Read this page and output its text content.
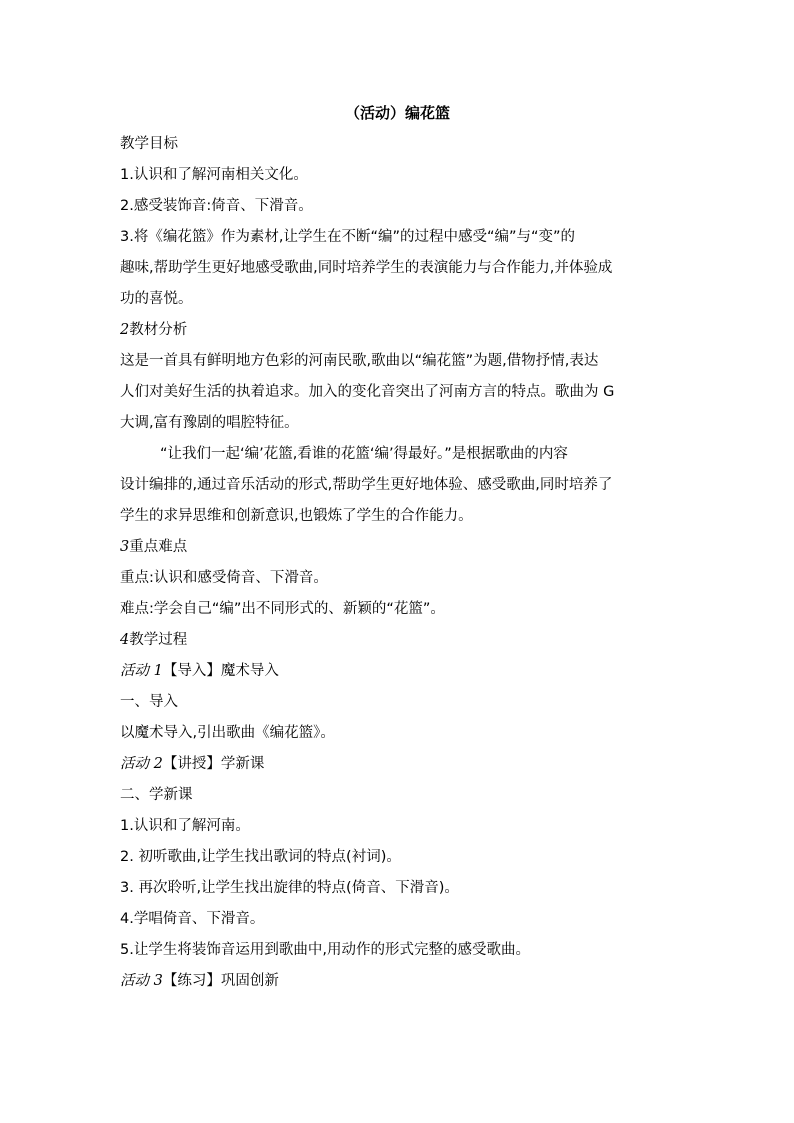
（活动）编花篮
教学目标
1.认识和了解河南相关文化。
2.感受装饰音:倚音、下滑音。
3.将《编花篮》作为素材,让学生在不断“编”的过程中感受“编”与“变”的
趣味,帮助学生更好地感受歌曲,同时培养学生的表演能力与合作能力,并体验成
功的喜悦。
2教材分析
这是一首具有鲜明地方色彩的河南民歌,歌曲以“编花篮”为题,借物抒情,表达
人们对美好生活的执着追求。加入的变化音突出了河南方言的特点。歌曲为 G
大调,富有豫剧的唱腔特征。
“让我们一起‘编’花篮,看谁的花篮‘编’得最好。”是根据歌曲的内容
设计编排的,通过音乐活动的形式,帮助学生更好地体验、感受歌曲,同时培养了
学生的求异思维和创新意识,也锻炼了学生的合作能力。
3重点难点
重点:认识和感受倚音、下滑音。
难点:学会自己“编”出不同形式的、新颖的“花篮”。
4教学过程
活动 1【导入】魔术导入
一、导入
以魔术导入,引出歌曲《编花篮》。
活动 2【讲授】学新课
二、学新课
1.认识和了解河南。
2. 初听歌曲,让学生找出歌词的特点(衬词)。
3. 再次聆听,让学生找出旋律的特点(倚音、下滑音)。
4.学唱倚音、下滑音。
5.让学生将装饰音运用到歌曲中,用动作的形式完整的感受歌曲。
活动 3【练习】巩固创新
